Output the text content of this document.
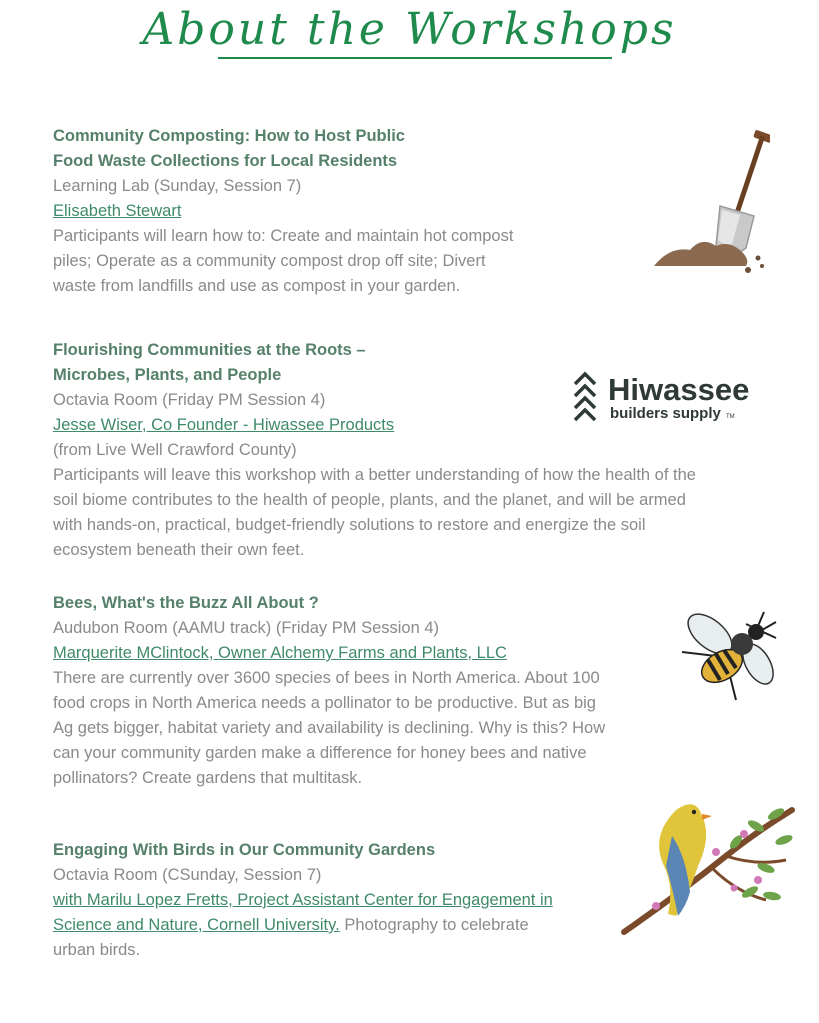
About the Workshops
Community Composting: How to Host Public
Food Waste Collections for Local Residents
Learning Lab (Sunday, Session 7)
Elisabeth Stewart
Participants will learn how to: Create and maintain hot compost
piles; Operate as a community compost drop off site; Divert
waste from landfills and use as compost in your garden.
Flourishing Communities at the Roots –
Microbes, Plants, and People
Octavia Room (Friday PM Session 4)
Jesse Wiser, Co Founder - Hiwassee Products
(from Live Well Crawford County)
Participants will leave this workshop with a better understanding of how the health of the
soil biome contributes to the health of people, plants, and the planet, and will be armed
with hands-on, practical, budget-friendly solutions to restore and energize the soil
ecosystem beneath their own feet.
Hiwassee
builders supply TM
Bees, What's the Buzz All About ?
Audubon Room (AAMU track) (Friday PM Session 4)
Marquerite MClintock, Owner Alchemy Farms and Plants, LLC
There are currently over 3600 species of bees in North America. About 100
food crops in North America needs a pollinator to be productive. But as big
Ag gets bigger, habitat variety and availability is declining. Why is this? How
can your community garden make a difference for honey bees and native
pollinators? Create gardens that multitask.
Engaging With Birds in Our Community Gardens
Octavia Room (CSunday, Session 7)
with Marilu Lopez Fretts, Project Assistant Center for Engagement in
Science and Nature, Cornell University. Photography to celebrate
urban birds.
